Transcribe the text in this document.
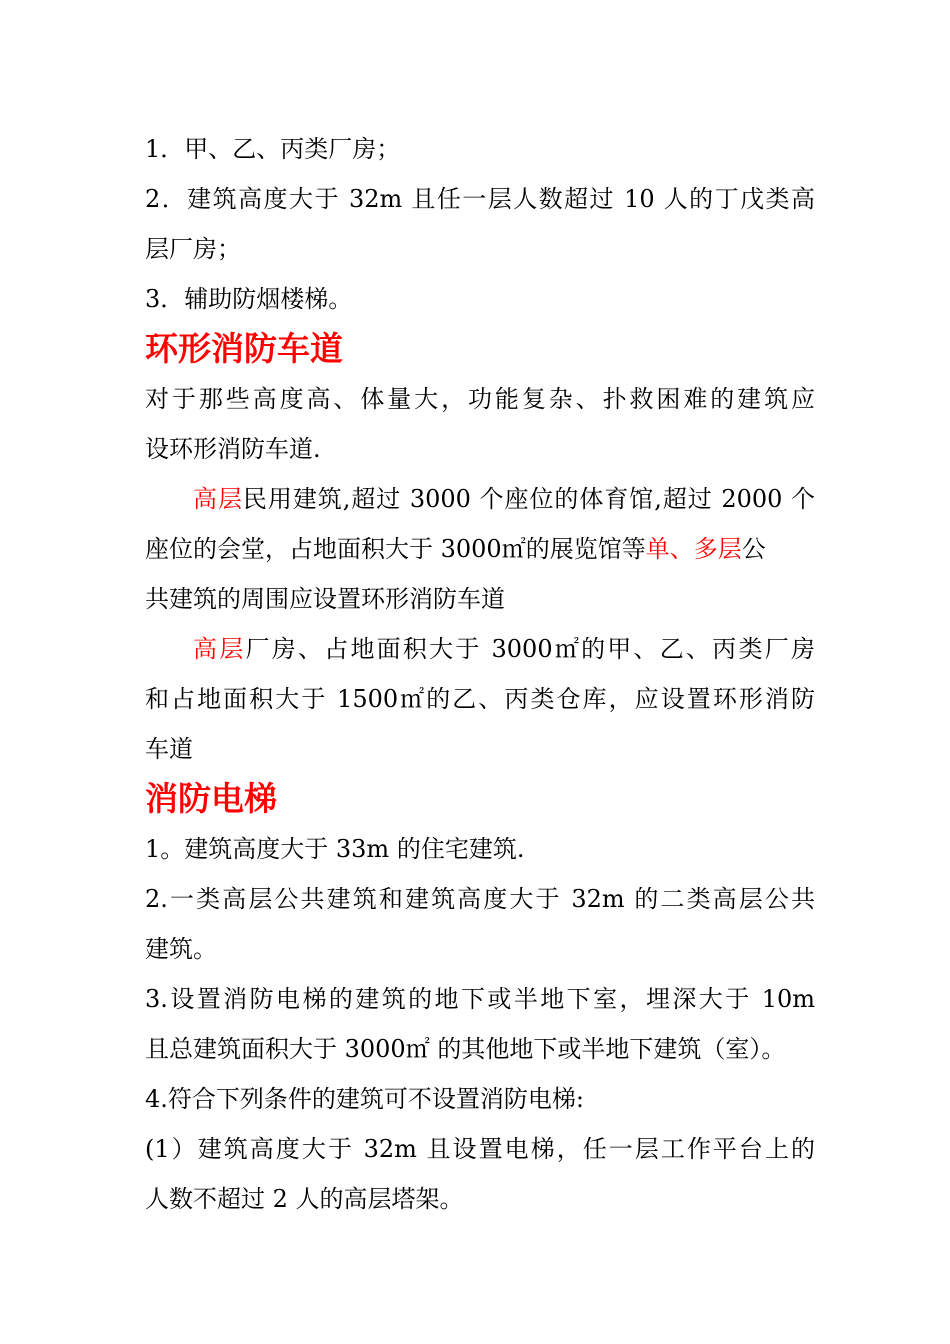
1．甲、乙、丙类厂房；
2．建筑高度大于 32m 且任一层人数超过 10 人的丁戊类高
层厂房；
3．辅助防烟楼梯。
环形消防车道
对于那些高度高、体量大，功能复杂、扑救困难的建筑应
设环形消防车道.
高层民用建筑,超过 3000 个座位的体育馆,超过 2000 个
座位的会堂，占地面积大于 3000㎡的展览馆等单、多层公
共建筑的周围应设置环形消防车道
高层厂房、占地面积大于 3000㎡的甲、乙、丙类厂房
和占地面积大于 1500㎡的乙、丙类仓库，应设置环形消防
车道
消防电梯
1。建筑高度大于 33m 的住宅建筑.
2.一类高层公共建筑和建筑高度大于 32m 的二类高层公共
建筑。
3.设置消防电梯的建筑的地下或半地下室，埋深大于 10m
且总建筑面积大于 3000㎡ 的其他地下或半地下建筑（室）。
4.符合下列条件的建筑可不设置消防电梯:
(1）建筑高度大于 32m 且设置电梯，任一层工作平台上的
人数不超过 2 人的高层塔架。
